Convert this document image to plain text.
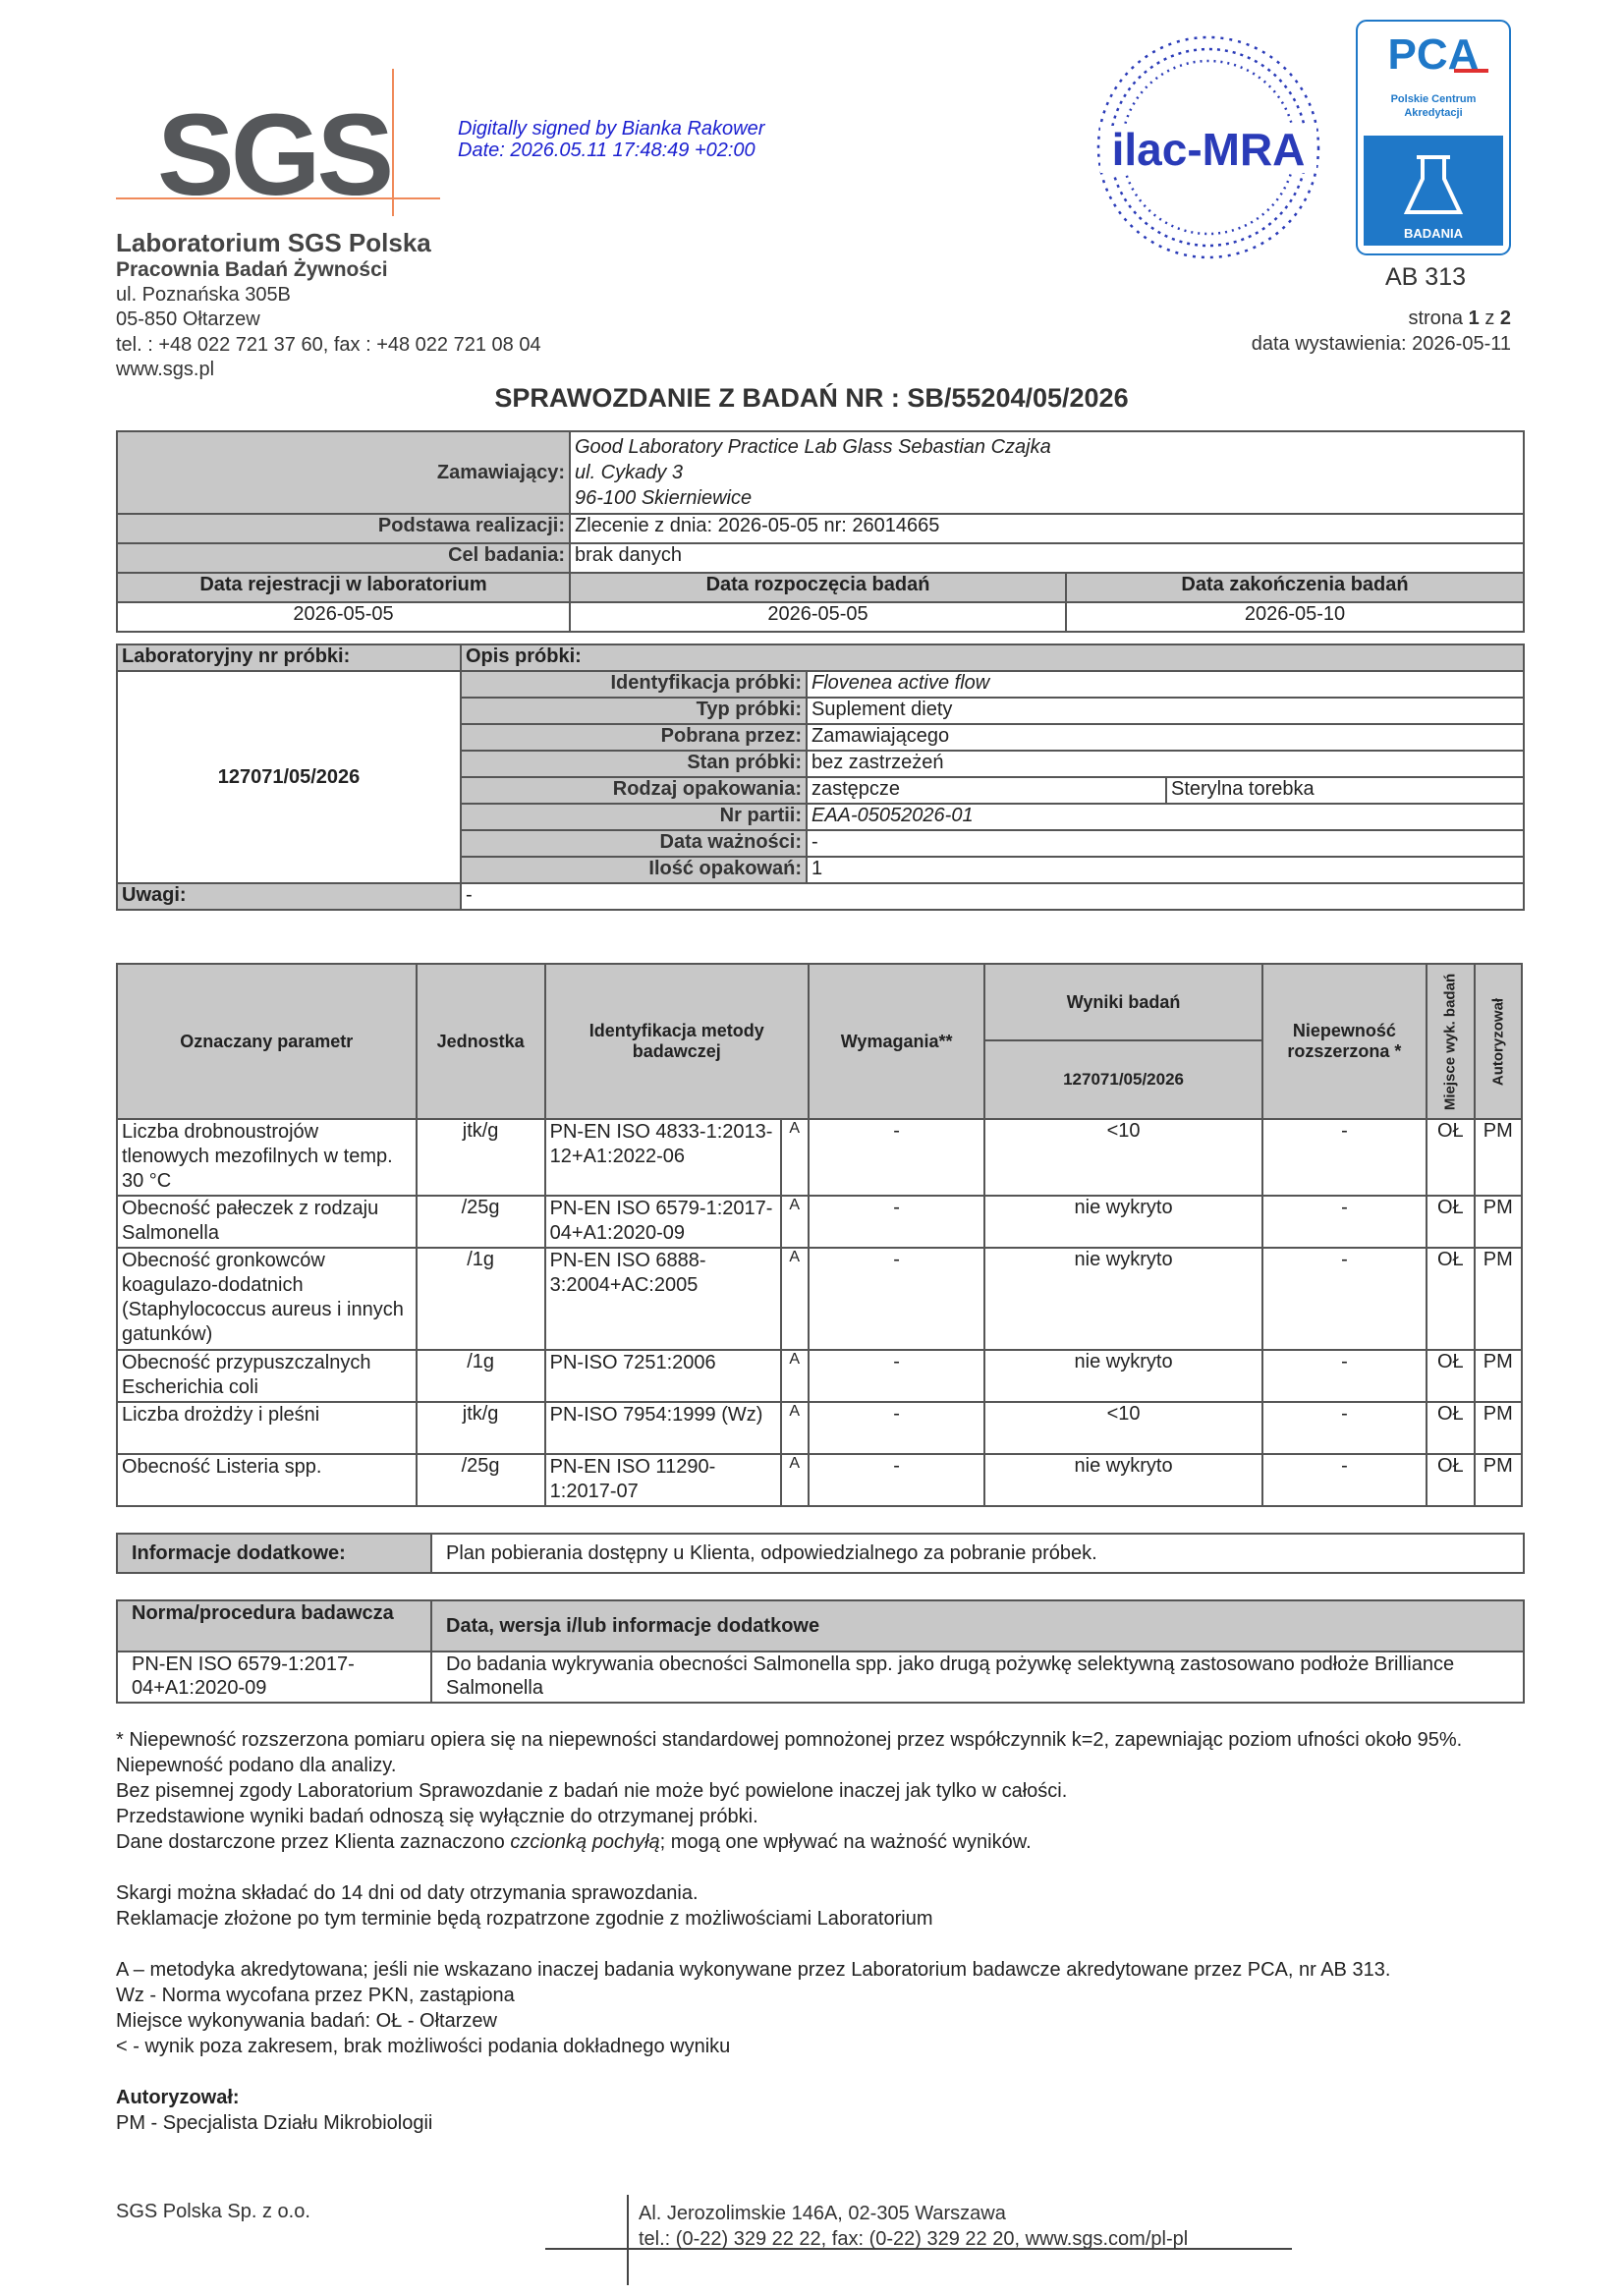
SGS	Digitally signed by Bianka Rakower
Date: 2026.05.11 17:48:49 +02:00
Laboratorium SGS Polska
Pracownia Badań Żywności
ul. Poznańska 305B
05-850 Ołtarzew
tel. : +48 022 721 37 60, fax : +48 022 721 08 04
www.sgs.pl
ilac-MRA
PCA
Polskie Centrum
Akredytacji
BADANIA
AB 313
strona 1 z 2
data wystawienia: 2026-05-11
SPRAWOZDANIE Z BADAŃ NR : SB/55204/05/2026
Zamawiający:	Good Laboratory Practice Lab Glass Sebastian Czajka
ul. Cykady 3
96-100 Skierniewice	

Podstawa realizacji:	Zlecenie z dnia: 2026-05-05 nr: 26014665	
Cel badania:	brak danych	
Data rejestracji w laboratorium	Data rozpoczęcia badań	Data zakończenia badań
2026-05-05	2026-05-05	2026-05-10
Laboratoryjny nr próbki:	Opis próbki:		
127071/05/2026	Identyfikacja próbki:	Flovenea active flow	
	Typ próbki:	Suplement diety	
	Pobrana przez:	Zamawiającego	
	Stan próbki:	bez zastrzeżeń	
	Rodzaj opakowania:	zastępcze	Sterylna torebka
	Nr partii:	EAA-05052026-01	
	Data ważności:	-	
	Ilość opakowań:	1	
Uwagi:	-		
Oznaczany parametr	Jednostka	Identyfikacja metody badawczej		Wymagania**	Wyniki badań	Niepewność rozszerzona *	Miejsce wyk. badań	Autoryzował

					127071/05/2026			
Liczba drobnoustrojów tlenowych mezofilnych w temp. 30 °C	jtk/g	PN-EN ISO 4833-1:2013-12+A1:2022-06	A	-	<10	-	OŁ	PM
Obecność pałeczek z rodzaju Salmonella	/25g	PN-EN ISO 6579-1:2017-04+A1:2020-09	A	-	nie wykryto	-	OŁ	PM
Obecność gronkowców koagulazo-dodatnich (Staphylococcus aureus i innych gatunków)	/1g	PN-EN ISO 6888-3:2004+AC:2005	A	-	nie wykryto	-	OŁ	PM
Obecność przypuszczalnych Escherichia coli	/1g	PN-ISO 7251:2006	A	-	nie wykryto	-	OŁ	PM
Liczba drożdży i pleśni	jtk/g	PN-ISO 7954:1999 (Wz)	A	-	<10	-	OŁ	PM
Obecność Listeria spp.	/25g	PN-EN ISO 11290-1:2017-07	A	-	nie wykryto	-	OŁ	PM
Informacje dodatkowe:	Plan pobierania dostępny u Klienta, odpowiedzialnego za pobranie próbek.
Norma/procedura badawcza	Data, wersja i/lub informacje dodatkowe
PN-EN ISO 6579-1:2017-04+A1:2020-09	Do badania wykrywania obecności Salmonella spp. jako drugą pożywkę selektywną zastosowano podłoże Brilliance Salmonella

* Niepewność rozszerzona pomiaru opiera się na niepewności standardowej pomnożonej przez współczynnik k=2, zapewniając poziom ufności około 95%. Niepewność podano dla analizy.

Bez pisemnej zgody Laboratorium Sprawozdanie z badań nie może być powielone inaczej jak tylko w całości.

Przedstawione wyniki badań odnoszą się wyłącznie do otrzymanej próbki.

Dane dostarczone przez Klienta zaznaczono czcionką pochyłą; mogą one wpływać na ważność wyników.

Skargi można składać do 14 dni od daty otrzymania sprawozdania.

Reklamacje złożone po tym terminie będą rozpatrzone zgodnie z możliwościami Laboratorium

A – metodyka akredytowana; jeśli nie wskazano inaczej badania wykonywane przez Laboratorium badawcze akredytowane przez PCA, nr AB 313.

Wz - Norma wycofana przez PKN, zastąpiona

Miejsce wykonywania badań: OŁ - Ołtarzew

< - wynik poza zakresem, brak możliwości podania dokładnego wyniku

Autoryzował:

PM - Specjalista Działu Mikrobiologii

SGS Polska Sp. z o.o.	Al. Jerozolimskie 146A, 02-305 Warszawa
tel.: (0-22) 329 22 22, fax: (0-22) 329 22 20, www.sgs.com/pl-pl
